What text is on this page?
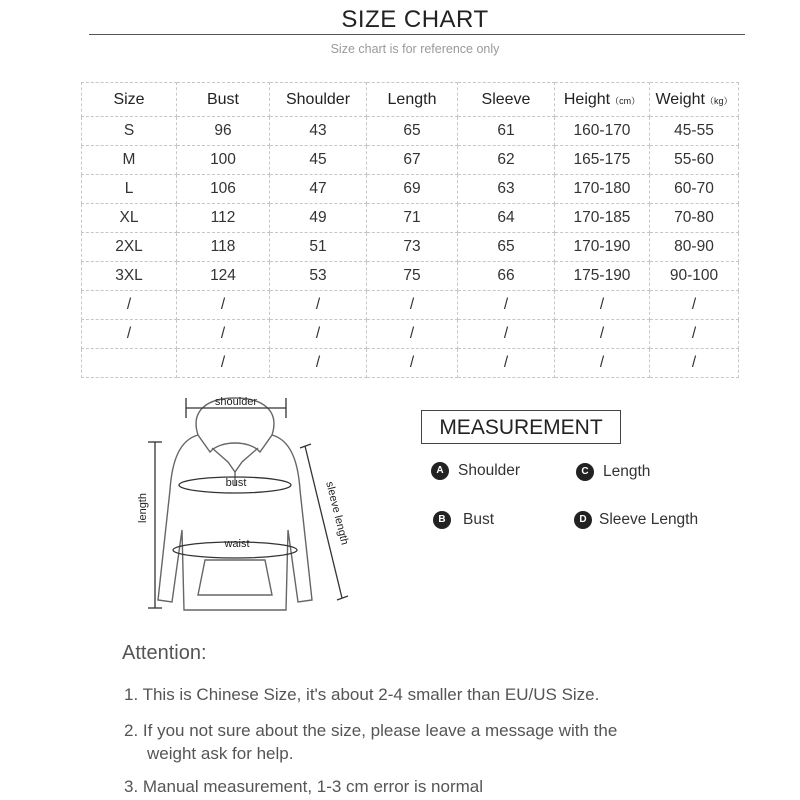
SIZE CHART
Size chart is for reference only
Size	Bust	Shoulder	Length	Sleeve	Height（cm）	Weight（kg）
S	96	43	65	61	160-170	45-55
M	100	45	67	62	165-175	55-60
L	106	47	69	63	170-180	60-70
XL	112	49	71	64	170-185	70-80
2XL	118	51	73	65	170-190	80-90
3XL	124	53	75	66	175-190	90-100
/	/	/	/	/	/	/
/	/	/	/	/	/	/
	/	/	/	/	/	/
shoulder
bust
waist
length	sleeve length
MEASUREMENT
A Shoulder
B Bust
C Length
D Sleeve Length
Attention:
1. This is Chinese Size, it's about 2-4 smaller than EU/US Size.
2. If you not sure about the size, please leave a message with the
weight ask for help.
3. Manual measurement, 1-3 cm error is normal
